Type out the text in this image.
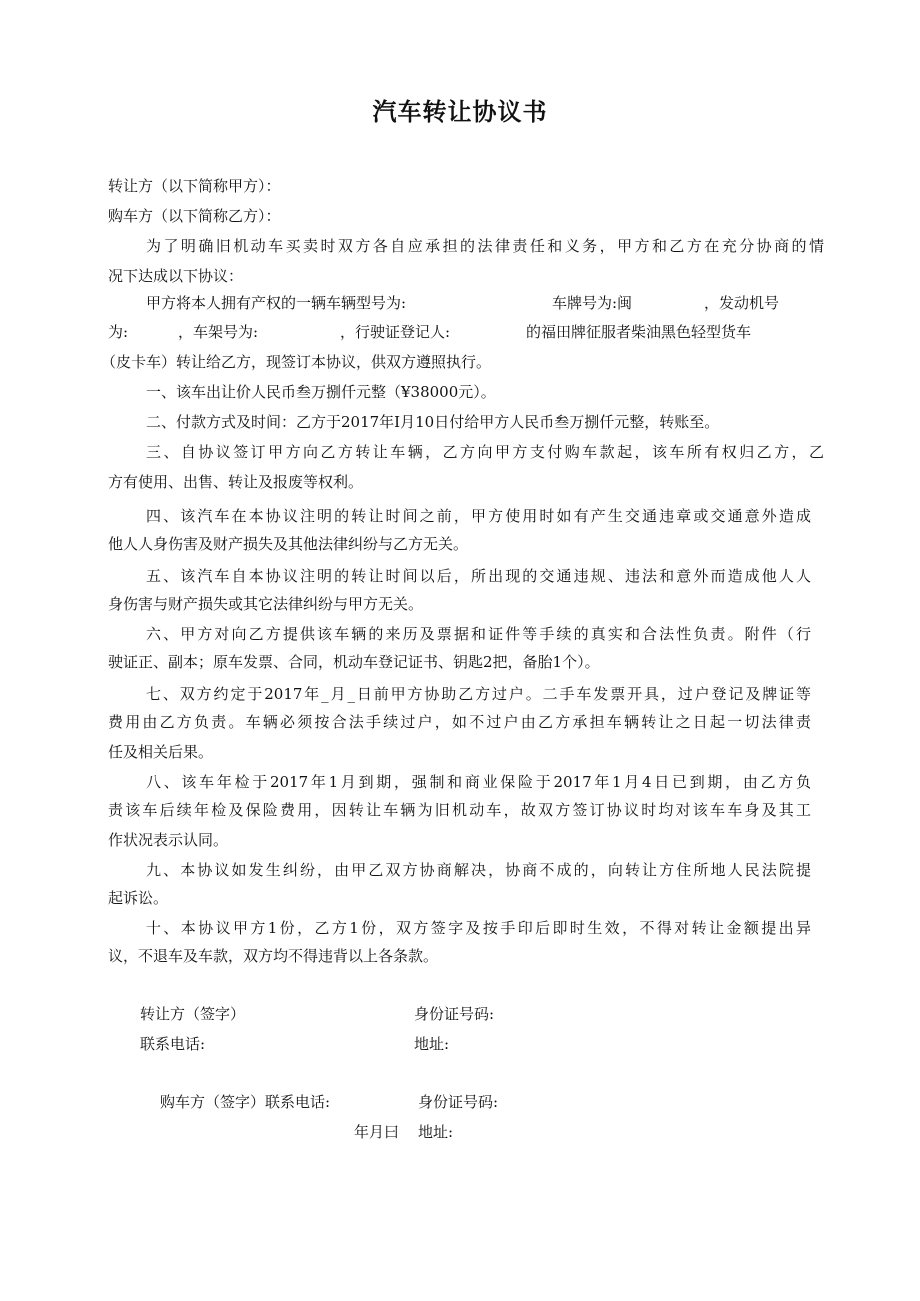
汽车转让协议书
转让方（以下简称甲方）：
购车方（以下简称乙方）：
为了明确旧机动车买卖时双方各自应承担的法律责任和义务，甲方和乙方在充分协商的情
况下达成以下协议：
甲方将本人拥有产权的一辆车辆型号为:	车牌号为:闽	，发动机号
为:	，车架号为:	，行驶证登记人:	的福田牌征服者柴油黑色轻型货车
（皮卡车）转让给乙方，现签订本协议，供双方遵照执行。
一、该车出让价人民币叁万捌仟元整（¥38000元）。
二、付款方式及时间：乙方于2017年I月10日付给甲方人民币叁万捌仟元整，转账至。
三、自协议签订甲方向乙方转让车辆，乙方向甲方支付购车款起，该车所有权归乙方，乙
方有使用、出售、转让及报废等权利。
四、该汽车在本协议注明的转让时间之前，甲方使用时如有产生交通违章或交通意外造成
他人人身伤害及财产损失及其他法律纠纷与乙方无关。
五、该汽车自本协议注明的转让时间以后，所出现的交通违规、违法和意外而造成他人人
身伤害与财产损失或其它法律纠纷与甲方无关。
六、甲方对向乙方提供该车辆的来历及票据和证件等手续的真实和合法性负责。附件（行
驶证正、副本；原车发票、合同，机动车登记证书、钥匙2把，备胎1个）。
七、双方约定于2017年_月_日前甲方协助乙方过户。二手车发票开具，过户登记及牌证等
费用由乙方负责。车辆必须按合法手续过户，如不过户由乙方承担车辆转让之日起一切法律责
任及相关后果。
八、该车年检于2017年1月到期，强制和商业保险于2017年1月4日已到期，由乙方负
责该车后续年检及保险费用，因转让车辆为旧机动车，故双方签订协议时均对该车车身及其工
作状况表示认同。
九、本协议如发生纠纷，由甲乙双方协商解决，协商不成的，向转让方住所地人民法院提
起诉讼。
十、本协议甲方1份，乙方1份，双方签字及按手印后即时生效，不得对转让金额提出异
议，不退车及车款，双方均不得违背以上各条款。
转让方（签字）	身份证号码:
联系电话:	地址:
购车方（签字）联系电话:	身份证号码:
年月曰 地址:
